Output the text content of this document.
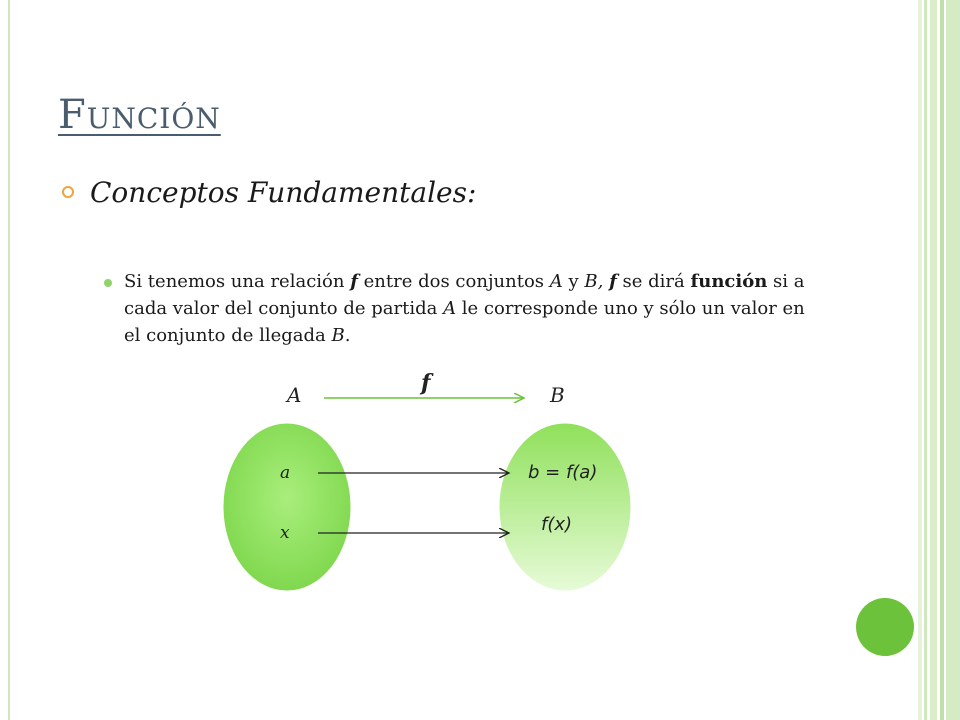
Función
Conceptos Fundamentales:
Si tenemos una relación f entre dos conjuntos A y B, f se dirá función si a cada valor del conjunto de partida A le corresponde uno y sólo un valor en el conjunto de llegada B.
A	B
f
a
x
b = f(a)
f(x)
